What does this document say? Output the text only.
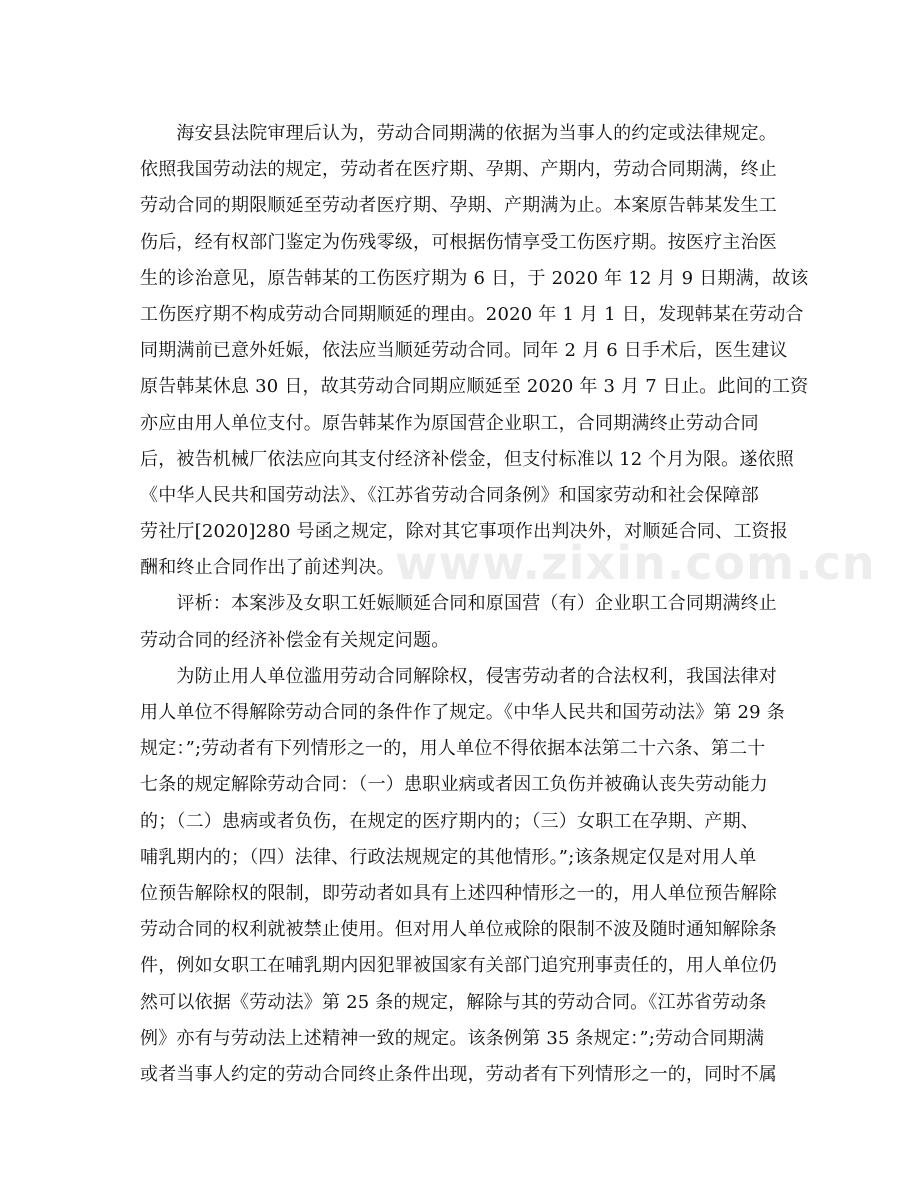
　　海安县法院审理后认为，劳动合同期满的依据为当事人的约定或法律规定。
依照我国劳动法的规定，劳动者在医疗期、孕期、产期内，劳动合同期满，终止
劳动合同的期限顺延至劳动者医疗期、孕期、产期满为止。本案原告韩某发生工
伤后，经有权部门鉴定为伤残零级，可根据伤情享受工伤医疗期。按医疗主治医
生的诊治意见，原告韩某的工伤医疗期为 6 日，于 2020 年 12 月 9 日期满，故该
工伤医疗期不构成劳动合同期顺延的理由。2020 年 1 月 1 日，发现韩某在劳动合
同期满前已意外妊娠，依法应当顺延劳动合同。同年 2 月 6 日手术后，医生建议
原告韩某休息 30 日，故其劳动合同期应顺延至 2020 年 3 月 7 日止。此间的工资
亦应由用人单位支付。原告韩某作为原国营企业职工，合同期满终止劳动合同
后，被告机械厂依法应向其支付经济补偿金，但支付标准以 12 个月为限。遂依照
《中华人民共和国劳动法》、《江苏省劳动合同条例》和国家劳动和社会保障部
劳社厅[2020]280 号函之规定，除对其它事项作出判决外，对顺延合同、工资报
酬和终止合同作出了前述判决。
　　评析：本案涉及女职工妊娠顺延合同和原国营（有）企业职工合同期满终止
劳动合同的经济补偿金有关规定问题。
　　为防止用人单位滥用劳动合同解除权，侵害劳动者的合法权利，我国法律对
用人单位不得解除劳动合同的条件作了规定。《中华人民共和国劳动法》第 29 条
规定：”;劳动者有下列情形之一的，用人单位不得依据本法第二十六条、第二十
七条的规定解除劳动合同：（一）患职业病或者因工负伤并被确认丧失劳动能力
的；（二）患病或者负伤，在规定的医疗期内的；（三）女职工在孕期、产期、
哺乳期内的；（四）法律、行政法规规定的其他情形。”;该条规定仅是对用人单
位预告解除权的限制，即劳动者如具有上述四种情形之一的，用人单位预告解除
劳动合同的权利就被禁止使用。但对用人单位戒除的限制不波及随时通知解除条
件，例如女职工在哺乳期内因犯罪被国家有关部门追究刑事责任的，用人单位仍
然可以依据《劳动法》第 25 条的规定，解除与其的劳动合同。《江苏省劳动条
例》亦有与劳动法上述精神一致的规定。该条例第 35 条规定：”;劳动合同期满
或者当事人约定的劳动合同终止条件出现，劳动者有下列情形之一的，同时不属
www.zixin.com.cn
